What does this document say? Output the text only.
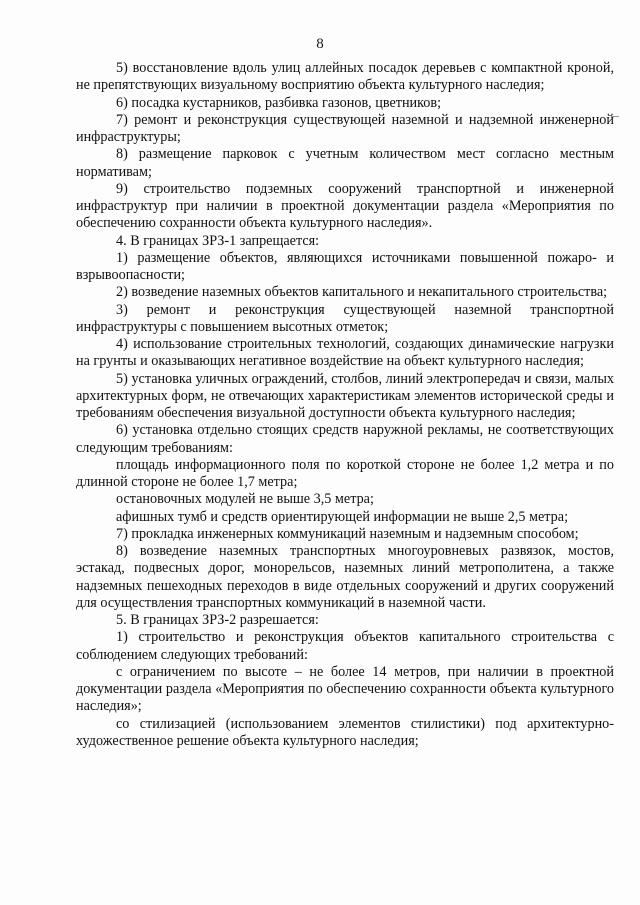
8

5) восстановление вдоль улиц аллейных посадок деревьев с компактной кроной, не препятствующих визуальному восприятию объекта культурного наследия;

6) посадка кустарников, разбивка газонов, цветников;

7) ремонт и реконструкция существующей наземной и надземной инженерной инфраструктуры;

8) размещение парковок с учетным количеством мест согласно местным нормативам;

9) строительство подземных сооружений транспортной и инженерной инфраструктур при наличии в проектной документации раздела «Мероприятия по обеспечению сохранности объекта культурного наследия».

4. В границах ЗРЗ-1 запрещается:

1) размещение объектов, являющихся источниками повышенной пожаро- и взрывоопасности;

2) возведение наземных объектов капитального и некапитального строительства;

3) ремонт и реконструкция существующей наземной транспортной инфраструктуры с повышением высотных отметок;

4) использование строительных технологий, создающих динамические нагрузки на грунты и оказывающих негативное воздействие на объект культурного наследия;

5) установка уличных ограждений, столбов, линий электропередач и связи, малых архитектурных форм, не отвечающих характеристикам элементов исторической среды и требованиям обеспечения визуальной доступности объекта культурного наследия;

6) установка отдельно стоящих средств наружной рекламы, не соответствующих следующим требованиям:

площадь информационного поля по короткой стороне не более 1,2 метра и по длинной стороне не более 1,7 метра;

остановочных модулей не выше 3,5 метра;

афишных тумб и средств ориентирующей информации не выше 2,5 метра;

7) прокладка инженерных коммуникаций наземным и надземным способом;

8) возведение наземных транспортных многоуровневых развязок, мостов, эстакад, подвесных дорог, монорельсов, наземных линий метрополитена, а также надземных пешеходных переходов в виде отдельных сооружений и других сооружений для осуществления транспортных коммуникаций в наземной части.

5. В границах ЗРЗ-2 разрешается:

1) строительство и реконструкция объектов капитального строительства с соблюдением следующих требований:

с ограничением по высоте – не более 14 метров, при наличии в проектной документации раздела «Мероприятия по обеспечению сохранности объекта культурного наследия»;

со стилизацией (использованием элементов стилистики) под архитектурно-художественное решение объекта культурного наследия;
